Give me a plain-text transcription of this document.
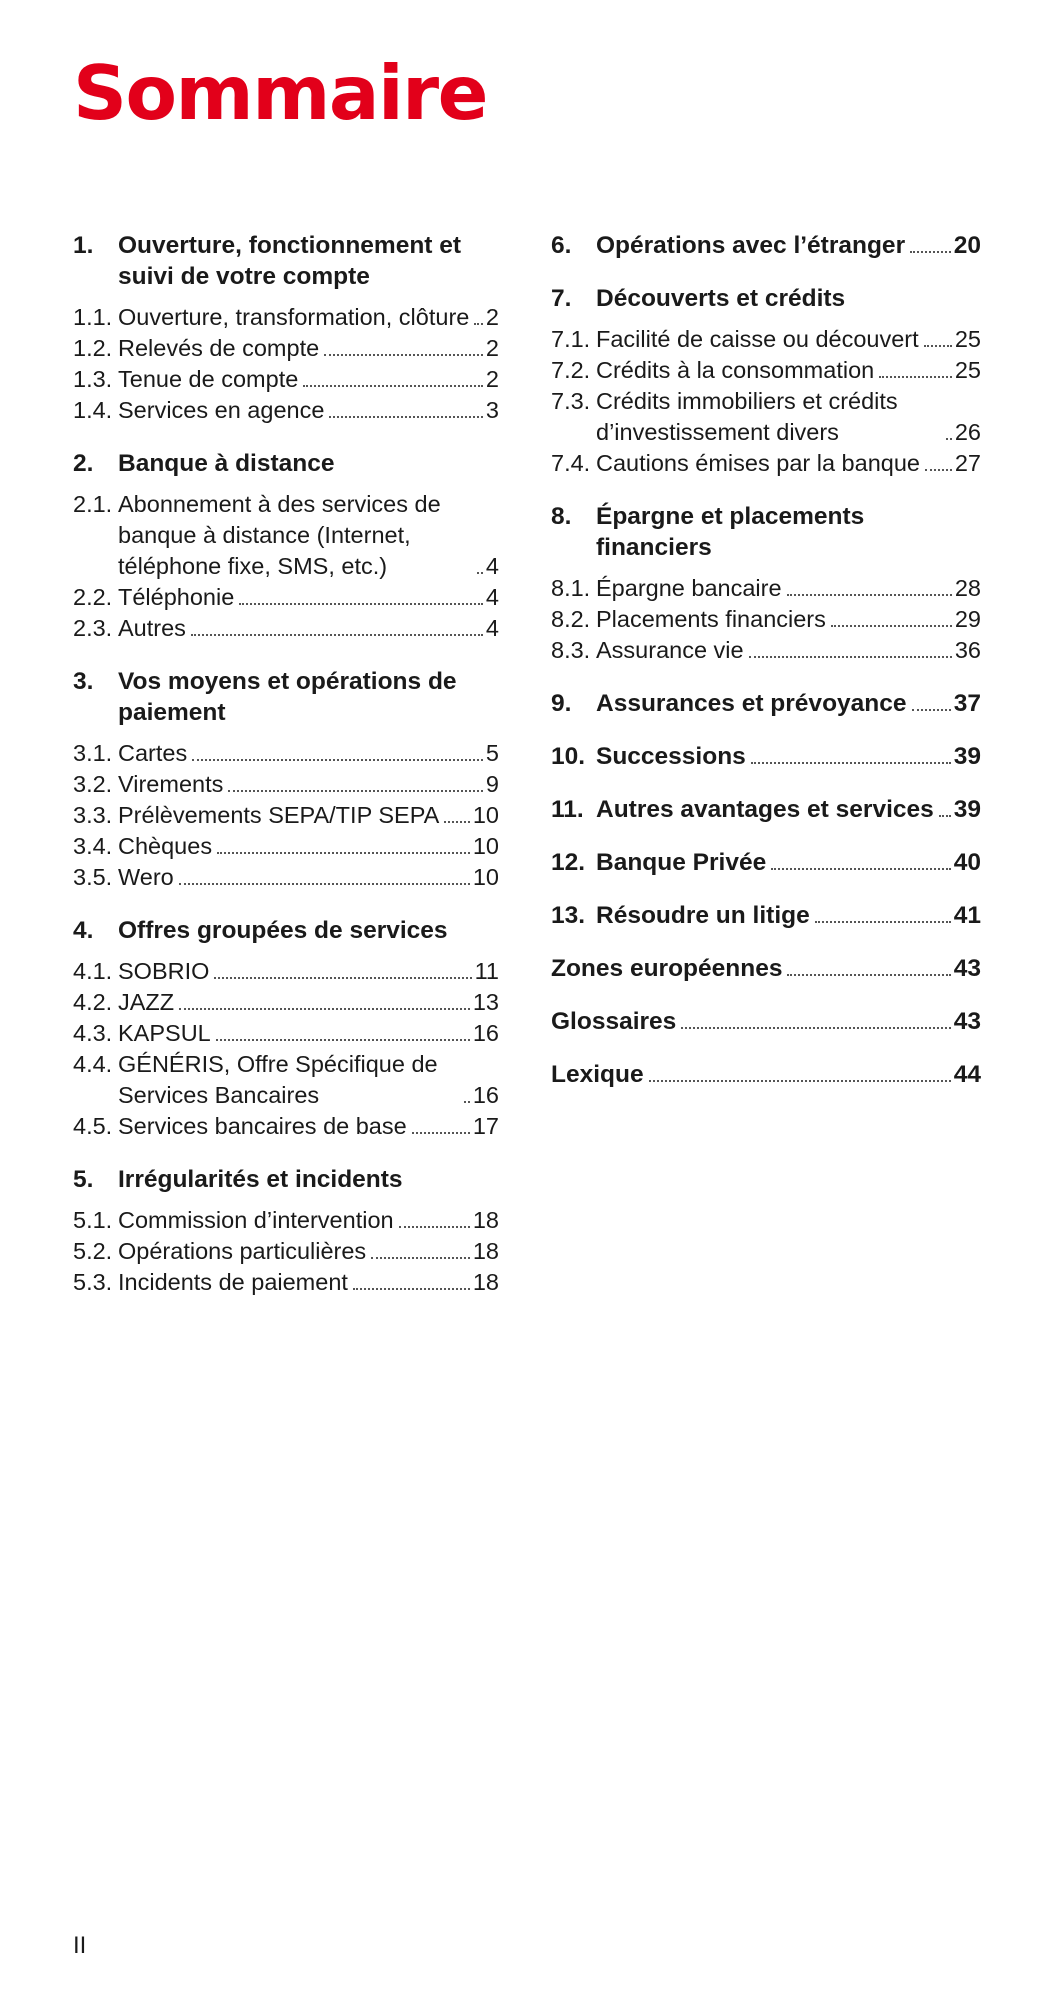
Sommaire
1.	Ouverture, fonctionnement et suivi de votre compte
1.1. Ouverture, transformation, clôture 2
1.2. Relevés de compte	2
1.3. Tenue de compte	2
1.4. Services en agence	3
2.	Banque à distance
2.1. Abonnement à des services de banque à distance (Internet, téléphone fixe, SMS, etc.)	4
2.2. Téléphonie	4
2.3. Autres	4
3.	Vos moyens et opérations de paiement
3.1. Cartes	5
3.2. Virements	9
3.3. Prélèvements SEPA/TIP SEPA 10
3.4. Chèques	10
3.5. Wero	10
4.	Offres groupées de services
4.1. SOBRIO	11
4.2. JAZZ	13
4.3. KAPSUL	16
4.4. GÉNÉRIS, Offre Spécifique de Services Bancaires	16
4.5. Services bancaires de base	17
5.	Irrégularités et incidents
5.1. Commission d’intervention	18
5.2. Opérations particulières	18
5.3. Incidents de paiement	18
6.	Opérations avec l’étranger 20
7.	Découverts et crédits
7.1. Facilité de caisse ou découvert 25
7.2. Crédits à la consommation	25
7.3. Crédits immobiliers et crédits d’investissement divers	26
7.4. Cautions émises par la banque 27
8.	Épargne et placements financiers
8.1. Épargne bancaire	28
8.2. Placements financiers	29
8.3. Assurance vie	36
9.	Assurances et prévoyance 37
10. Successions	39
11. Autres avantages et services 39
12. Banque Privée	40
13. Résoudre un litige	41
Zones européennes	43
Glossaires	43
Lexique	44
II
